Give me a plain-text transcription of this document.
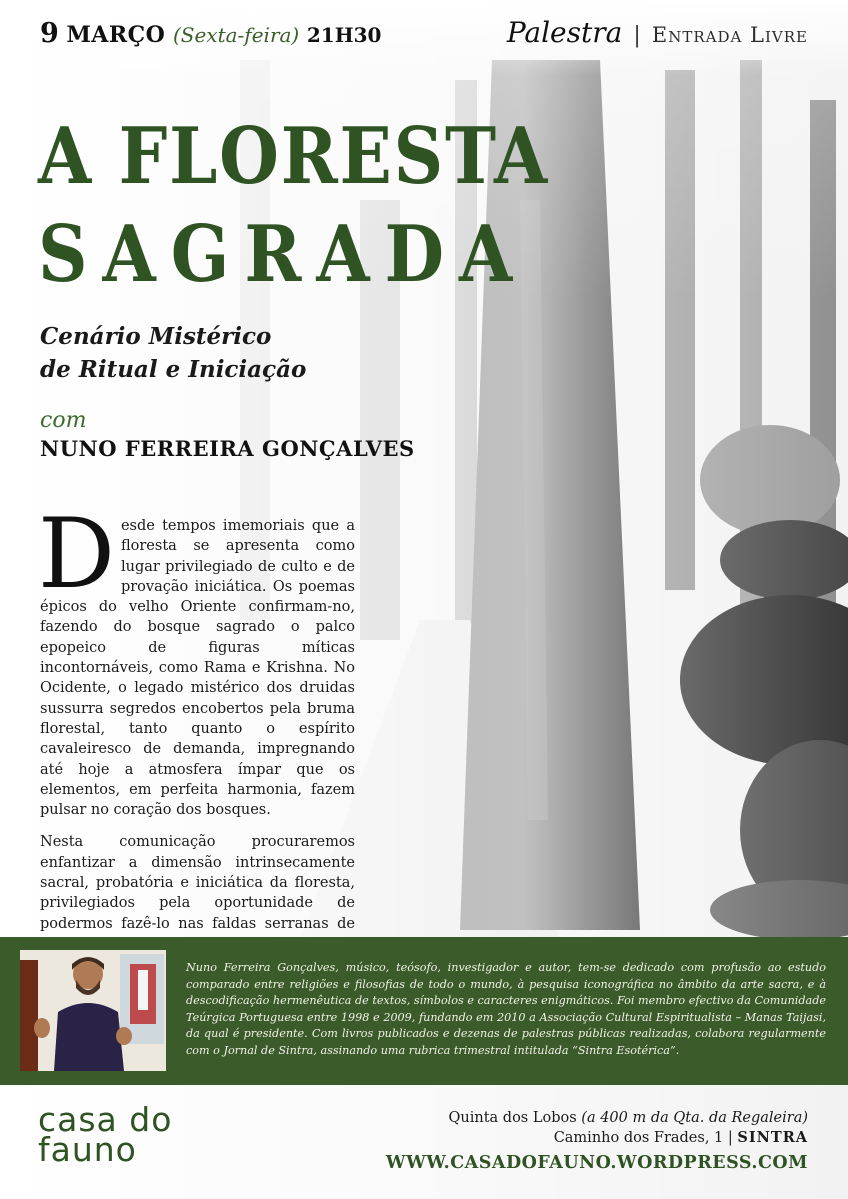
9 MARÇO (Sexta-feira) 21H30	Palestra | Entrada Livre
A FLORESTA
SAGRADA
Cenário Mistérico
de Ritual e Iniciação
com
NUNO FERREIRA GONÇALVES

Desde tempos imemoriais que a floresta se apresenta como lugar privilegiado de culto e de provação iniciática. Os poemas épicos do velho Oriente confirmam-no, fazendo do bosque sagrado o palco epopeico de figuras míticas incontornáveis, como Rama e Krishna. No Ocidente, o legado mistérico dos druidas sussurra segredos encobertos pela bruma florestal, tanto quanto o espírito cavaleiresco de demanda, impregnando até hoje a atmosfera ímpar que os elementos, em perfeita harmonia, fazem pulsar no coração dos bosques.

Nesta comunicação procuraremos enfantizar a dimensão intrinsecamente sacral, probatória e iniciática da floresta, privilegiados pela oportunidade de podermos fazê-lo nas faldas serranas de

Nuno Ferreira Gonçalves, músico, teósofo, investigador e autor, tem-se dedicado com profusão ao estudo comparado entre religiões e filosofias de todo o mundo, à pesquisa iconográfica no âmbito da arte sacra, e à descodificação hermenêutica de textos, símbolos e caracteres enigmáticos. Foi membro efectivo da Comunidade Teúrgica Portuguesa entre 1998 e 2009, fundando em 2010 a Associação Cultural Espiritualista – Manas Taijasi, da qual é presidente. Com livros publicados e dezenas de palestras públicas realizadas, colabora regularmente com o Jornal de Sintra, assinando uma rubrica trimestral intitulada “Sintra Esotérica”.
casa do
fauno
Quinta dos Lobos (a 400 m da Qta. da Regaleira)
Caminho dos Frades, 1 | SINTRA
WWW.CASADOFAUNO.WORDPRESS.COM
